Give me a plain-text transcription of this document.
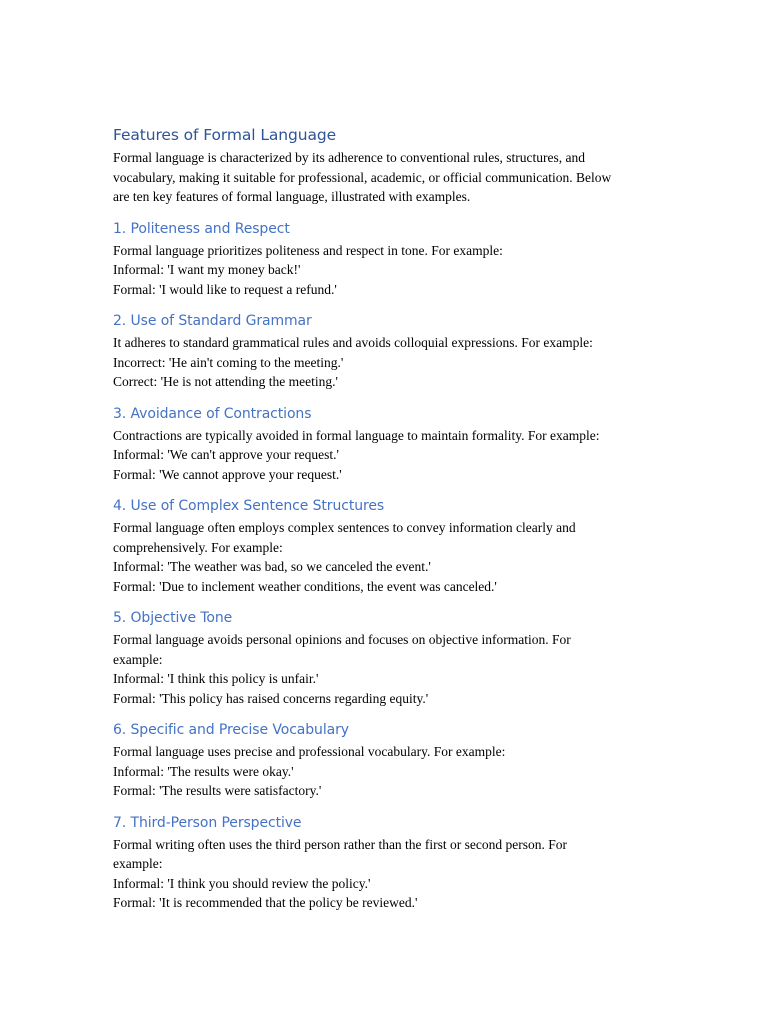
Features of Formal Language

Formal language is characterized by its adherence to conventional rules, structures, and
vocabulary, making it suitable for professional, academic, or official communication. Below
are ten key features of formal language, illustrated with examples.

1. Politeness and Respect

Formal language prioritizes politeness and respect in tone. For example:
Informal: 'I want my money back!'
Formal: 'I would like to request a refund.'

2. Use of Standard Grammar

It adheres to standard grammatical rules and avoids colloquial expressions. For example:
Incorrect: 'He ain't coming to the meeting.'
Correct: 'He is not attending the meeting.'

3. Avoidance of Contractions

Contractions are typically avoided in formal language to maintain formality. For example:
Informal: 'We can't approve your request.'
Formal: 'We cannot approve your request.'

4. Use of Complex Sentence Structures

Formal language often employs complex sentences to convey information clearly and
comprehensively. For example:
Informal: 'The weather was bad, so we canceled the event.'
Formal: 'Due to inclement weather conditions, the event was canceled.'

5. Objective Tone

Formal language avoids personal opinions and focuses on objective information. For
example:
Informal: 'I think this policy is unfair.'
Formal: 'This policy has raised concerns regarding equity.'

6. Specific and Precise Vocabulary

Formal language uses precise and professional vocabulary. For example:
Informal: 'The results were okay.'
Formal: 'The results were satisfactory.'

7. Third-Person Perspective

Formal writing often uses the third person rather than the first or second person. For
example:
Informal: 'I think you should review the policy.'
Formal: 'It is recommended that the policy be reviewed.'
